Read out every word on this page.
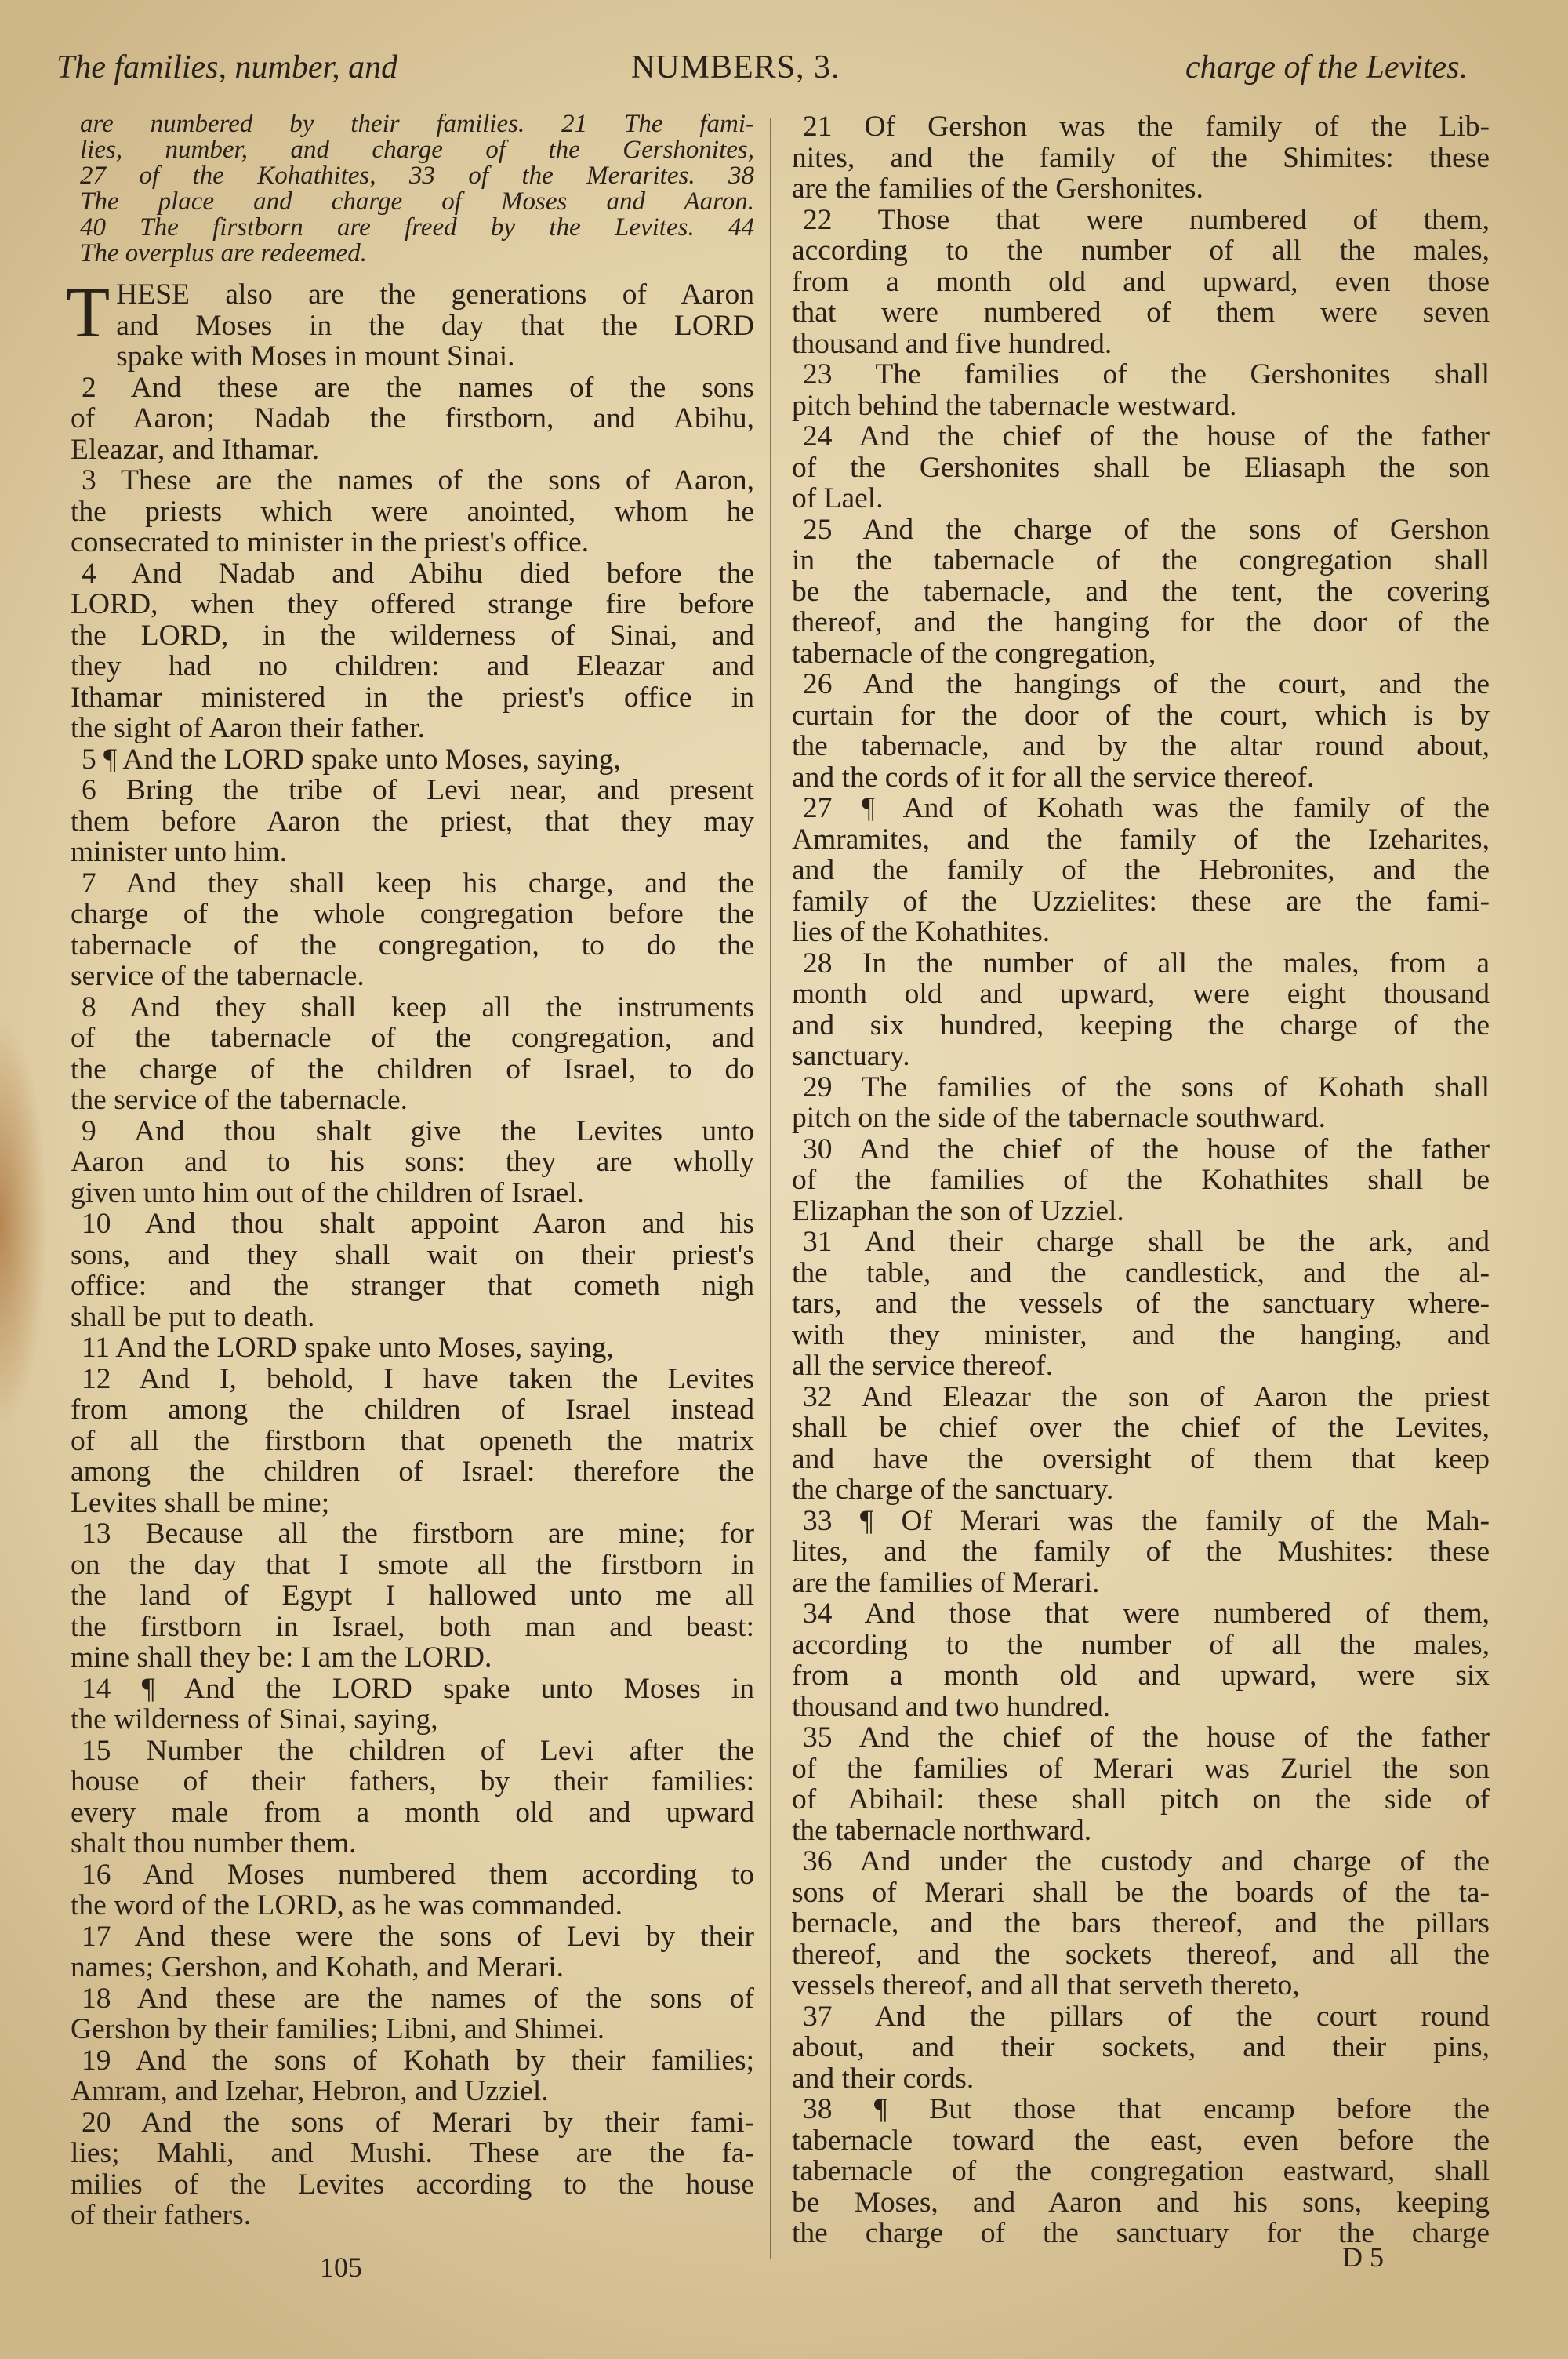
The families, number, and	NUMBERS, 3.	charge of the Levites.
are numbered by their families. 21 The fami-
lies, number, and charge of the Gershonites,
27 of the Kohathites, 33 of the Merarites. 38
The place and charge of Moses and Aaron.
40 The firstborn are freed by the Levites. 44
The overplus are redeemed.
T HESE also are the generations of Aaron
and Moses in the day that the LORD
spake with Moses in mount Sinai.
2 And these are the names of the sons
of Aaron; Nadab the firstborn, and Abihu,
Eleazar, and Ithamar.
3 These are the names of the sons of Aaron,
the priests which were anointed, whom he
consecrated to minister in the priest's office.
4 And Nadab and Abihu died before the
LORD, when they offered strange fire before
the LORD, in the wilderness of Sinai, and
they had no children: and Eleazar and
Ithamar ministered in the priest's office in
the sight of Aaron their father.
5 ¶ And the LORD spake unto Moses, saying,
6 Bring the tribe of Levi near, and present
them before Aaron the priest, that they may
minister unto him.
7 And they shall keep his charge, and the
charge of the whole congregation before the
tabernacle of the congregation, to do the
service of the tabernacle.
8 And they shall keep all the instruments
of the tabernacle of the congregation, and
the charge of the children of Israel, to do
the service of the tabernacle.
9 And thou shalt give the Levites unto
Aaron and to his sons: they are wholly
given unto him out of the children of Israel.
10 And thou shalt appoint Aaron and his
sons, and they shall wait on their priest's
office: and the stranger that cometh nigh
shall be put to death.
11 And the LORD spake unto Moses, saying,
12 And I, behold, I have taken the Levites
from among the children of Israel instead
of all the firstborn that openeth the matrix
among the children of Israel: therefore the
Levites shall be mine;
13 Because all the firstborn are mine; for
on the day that I smote all the firstborn in
the land of Egypt I hallowed unto me all
the firstborn in Israel, both man and beast:
mine shall they be: I am the LORD.
14 ¶ And the LORD spake unto Moses in
the wilderness of Sinai, saying,
15 Number the children of Levi after the
house of their fathers, by their families:
every male from a month old and upward
shalt thou number them.
16 And Moses numbered them according to
the word of the LORD, as he was commanded.
17 And these were the sons of Levi by their
names; Gershon, and Kohath, and Merari.
18 And these are the names of the sons of
Gershon by their families; Libni, and Shimei.
19 And the sons of Kohath by their families;
Amram, and Izehar, Hebron, and Uzziel.
20 And the sons of Merari by their fami-
lies; Mahli, and Mushi. These are the fa-
milies of the Levites according to the house
of their fathers.
21 Of Gershon was the family of the Lib-
nites, and the family of the Shimites: these
are the families of the Gershonites.
22 Those that were numbered of them,
according to the number of all the males,
from a month old and upward, even those
that were numbered of them were seven
thousand and five hundred.
23 The families of the Gershonites shall
pitch behind the tabernacle westward.
24 And the chief of the house of the father
of the Gershonites shall be Eliasaph the son
of Lael.
25 And the charge of the sons of Gershon
in the tabernacle of the congregation shall
be the tabernacle, and the tent, the covering
thereof, and the hanging for the door of the
tabernacle of the congregation,
26 And the hangings of the court, and the
curtain for the door of the court, which is by
the tabernacle, and by the altar round about,
and the cords of it for all the service thereof.
27 ¶ And of Kohath was the family of the
Amramites, and the family of the Izeharites,
and the family of the Hebronites, and the
family of the Uzzielites: these are the fami-
lies of the Kohathites.
28 In the number of all the males, from a
month old and upward, were eight thousand
and six hundred, keeping the charge of the
sanctuary.
29 The families of the sons of Kohath shall
pitch on the side of the tabernacle southward.
30 And the chief of the house of the father
of the families of the Kohathites shall be
Elizaphan the son of Uzziel.
31 And their charge shall be the ark, and
the table, and the candlestick, and the al-
tars, and the vessels of the sanctuary where-
with they minister, and the hanging, and
all the service thereof.
32 And Eleazar the son of Aaron the priest
shall be chief over the chief of the Levites,
and have the oversight of them that keep
the charge of the sanctuary.
33 ¶ Of Merari was the family of the Mah-
lites, and the family of the Mushites: these
are the families of Merari.
34 And those that were numbered of them,
according to the number of all the males,
from a month old and upward, were six
thousand and two hundred.
35 And the chief of the house of the father
of the families of Merari was Zuriel the son
of Abihail: these shall pitch on the side of
the tabernacle northward.
36 And under the custody and charge of the
sons of Merari shall be the boards of the ta-
bernacle, and the bars thereof, and the pillars
thereof, and the sockets thereof, and all the
vessels thereof, and all that serveth thereto,
37 And the pillars of the court round
about, and their sockets, and their pins,
and their cords.
38 ¶ But those that encamp before the
tabernacle toward the east, even before the
tabernacle of the congregation eastward, shall
be Moses, and Aaron and his sons, keeping
the charge of the sanctuary for the charge
105	D 5
